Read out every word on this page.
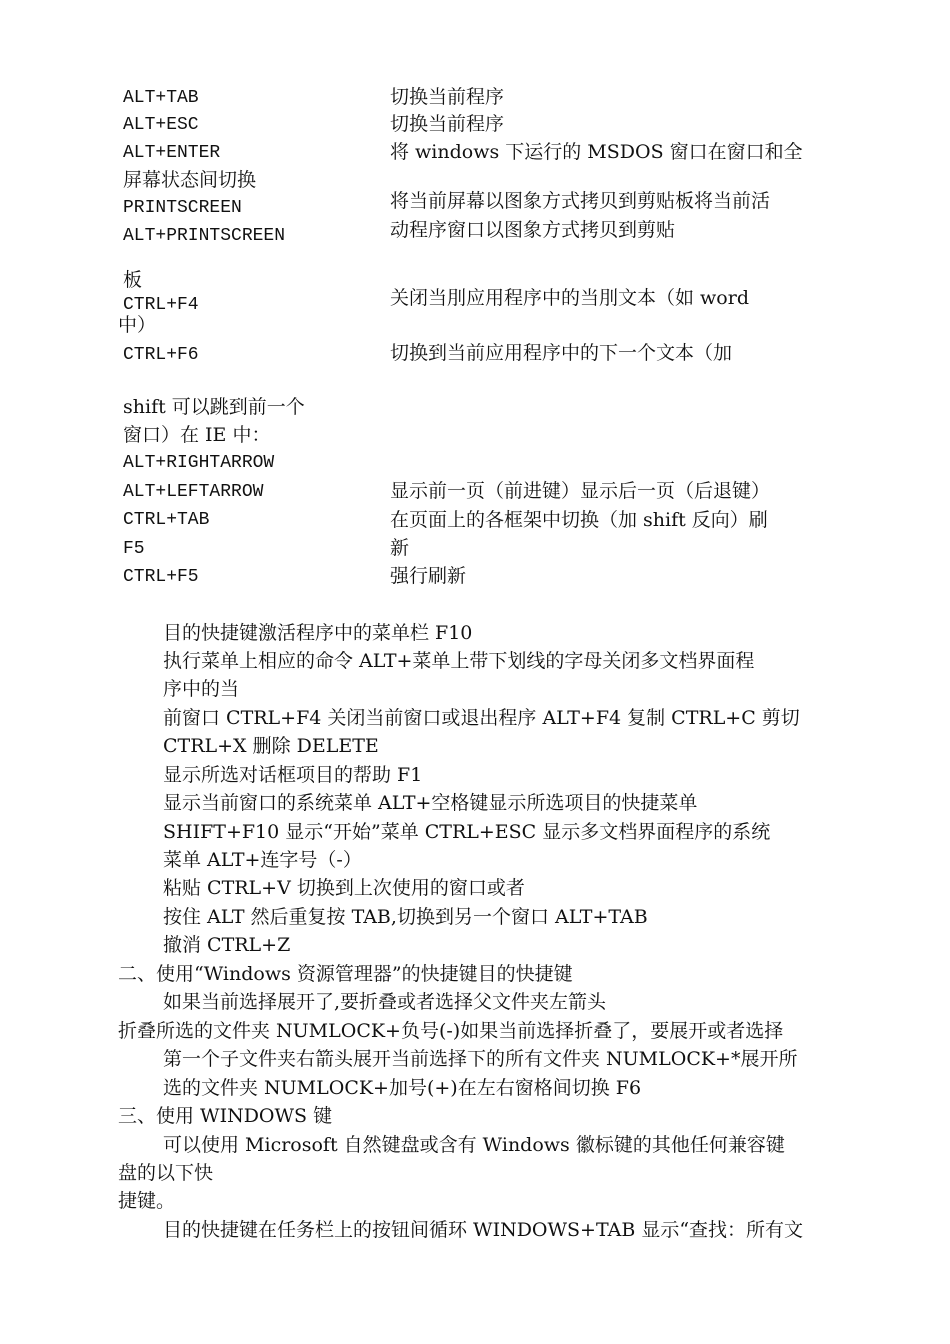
ALT+TAB

ALT+ESC

ALT+ENTER

屏幕状态间切换

PRINTSCREEN

ALT+PRINTSCREEN

板

CTRL+F4

中）

CTRL+F6

shift 可以跳到前一个

窗口）在 IE 中：

ALT+RIGHTARROW

ALT+LEFTARROW

CTRL+TAB

F5

CTRL+F5

切换当前程序

切换当前程序

将 windows 下运行的 MSDOS 窗口在窗口和全

将当前屏幕以图象方式拷贝到剪贴板将当前活

动程序窗口以图象方式拷贝到剪贴

关闭当刖应用程序中的当刖文本（如 word

切换到当前应用程序中的下一个文本（加

显示前一页（前进键）显示后一页（后退键）

在页面上的各框架中切换（加 shift 反向）刷

新

强行刷新

目的快捷键激活程序中的菜单栏 F10

执行菜单上相应的命令 ALT+菜单上带下划线的字母关闭多文档界面程

序中的当

前窗口 CTRL+F4 关闭当前窗口或退出程序 ALT+F4 复制 CTRL+C 剪切

CTRL+X 删除 DELETE

显示所选对话框项目的帮助 F1

显示当前窗口的系统菜单 ALT+空格键显示所选项目的快捷菜单

SHIFT+F10 显示“开始”菜单 CTRL+ESC 显示多文档界面程序的系统

菜单 ALT+连字号（-）

粘贴 CTRL+V 切换到上次使用的窗口或者

按住 ALT 然后重复按 TAB,切换到另一个窗口 ALT+TAB

撤消 CTRL+Z

二、使用“Windows 资源管理器”的快捷键目的快捷键

如果当前选择展开了,要折叠或者选择父文件夹左箭头

折叠所选的文件夹 NUMLOCK+负号(-)如果当前选择折叠了，要展开或者选择

第一个子文件夹右箭头展开当前选择下的所有文件夹 NUMLOCK+*展开所

选的文件夹 NUMLOCK+加号(+)在左右窗格间切换 F6

三、使用 WINDOWS 键

可以使用 Microsoft 自然键盘或含有 Windows 徽标键的其他任何兼容键

盘的以下快

捷键。

目的快捷键在任务栏上的按钮间循环 WINDOWS+TAB 显示“查找：所有文
